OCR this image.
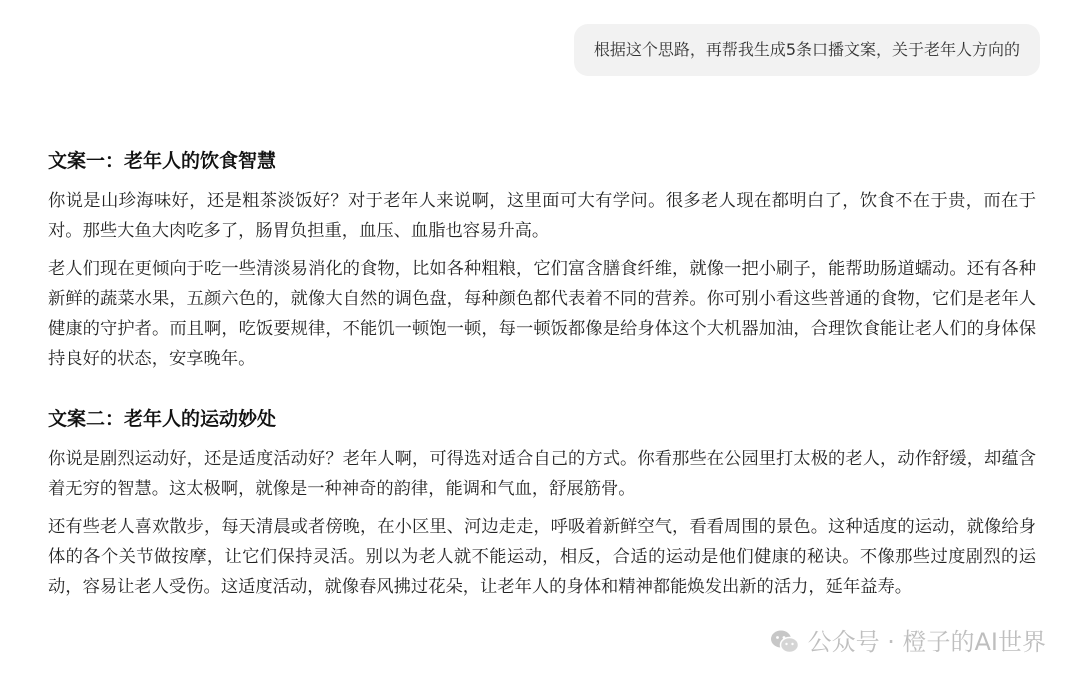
根据这个思路，再帮我生成5条口播文案，关于老年人方向的
文案一：老年人的饮食智慧

你说是山珍海味好，还是粗茶淡饭好？对于老年人来说啊，这里面可大有学问。很多老人现在都明白了，饮食不在于贵，而在于对。那些大鱼大肉吃多了，肠胃负担重，血压、血脂也容易升高。

老人们现在更倾向于吃一些清淡易消化的食物，比如各种粗粮，它们富含膳食纤维，就像一把小刷子，能帮助肠道蠕动。还有各种新鲜的蔬菜水果，五颜六色的，就像大自然的调色盘，每种颜色都代表着不同的营养。你可别小看这些普通的食物，它们是老年人健康的守护者。而且啊，吃饭要规律，不能饥一顿饱一顿，每一顿饭都像是给身体这个大机器加油，合理饮食能让老人们的身体保持良好的状态，安享晚年。

文案二：老年人的运动妙处

你说是剧烈运动好，还是适度活动好？老年人啊，可得选对适合自己的方式。你看那些在公园里打太极的老人，动作舒缓，却蕴含着无穷的智慧。这太极啊，就像是一种神奇的韵律，能调和气血，舒展筋骨。

还有些老人喜欢散步，每天清晨或者傍晚，在小区里、河边走走，呼吸着新鲜空气，看看周围的景色。这种适度的运动，就像给身体的各个关节做按摩，让它们保持灵活。别以为老人就不能运动，相反，合适的运动是他们健康的秘诀。不像那些过度剧烈的运动，容易让老人受伤。这适度活动，就像春风拂过花朵，让老年人的身体和精神都能焕发出新的活力，延年益寿。

公众号 · 橙子的AI世界
